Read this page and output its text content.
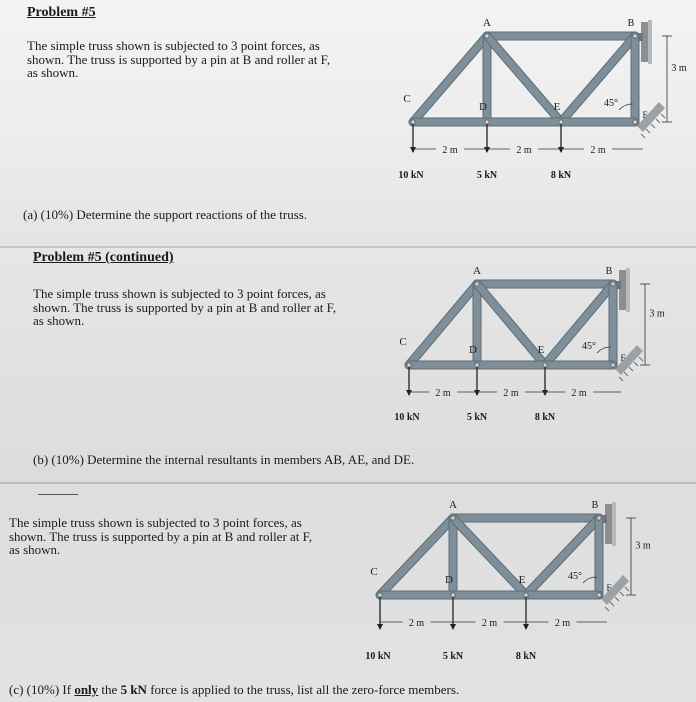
Problem #5
The simple truss shown is subjected to 3 point forces, as
shown. The truss is supported by a pin at B and roller at F,
as shown.
A	B
C
D	E
F
45°
3 m
10 kN	5 kN	8 kN
2 m	2 m	2 m
(a) (10%) Determine the support reactions of the truss.
Problem #5 (continued)
The simple truss shown is subjected to 3 point forces, as
shown. The truss is supported by a pin at B and roller at F,
as shown.
A	B
C
D	E
F
45°
3 m
10 kN	5 kN	8 kN
2 m	2 m	2 m
(b) (10%) Determine the internal resultants in members AB, AE, and DE.
The simple truss shown is subjected to 3 point forces, as
shown. The truss is supported by a pin at B and roller at F,
as shown.
A	B
C
D	E
F
45°
3 m
10 kN	5 kN	8 kN
2 m	2 m	2 m
(c) (10%) If only the 5 kN force is applied to the truss, list all the zero-force members.
